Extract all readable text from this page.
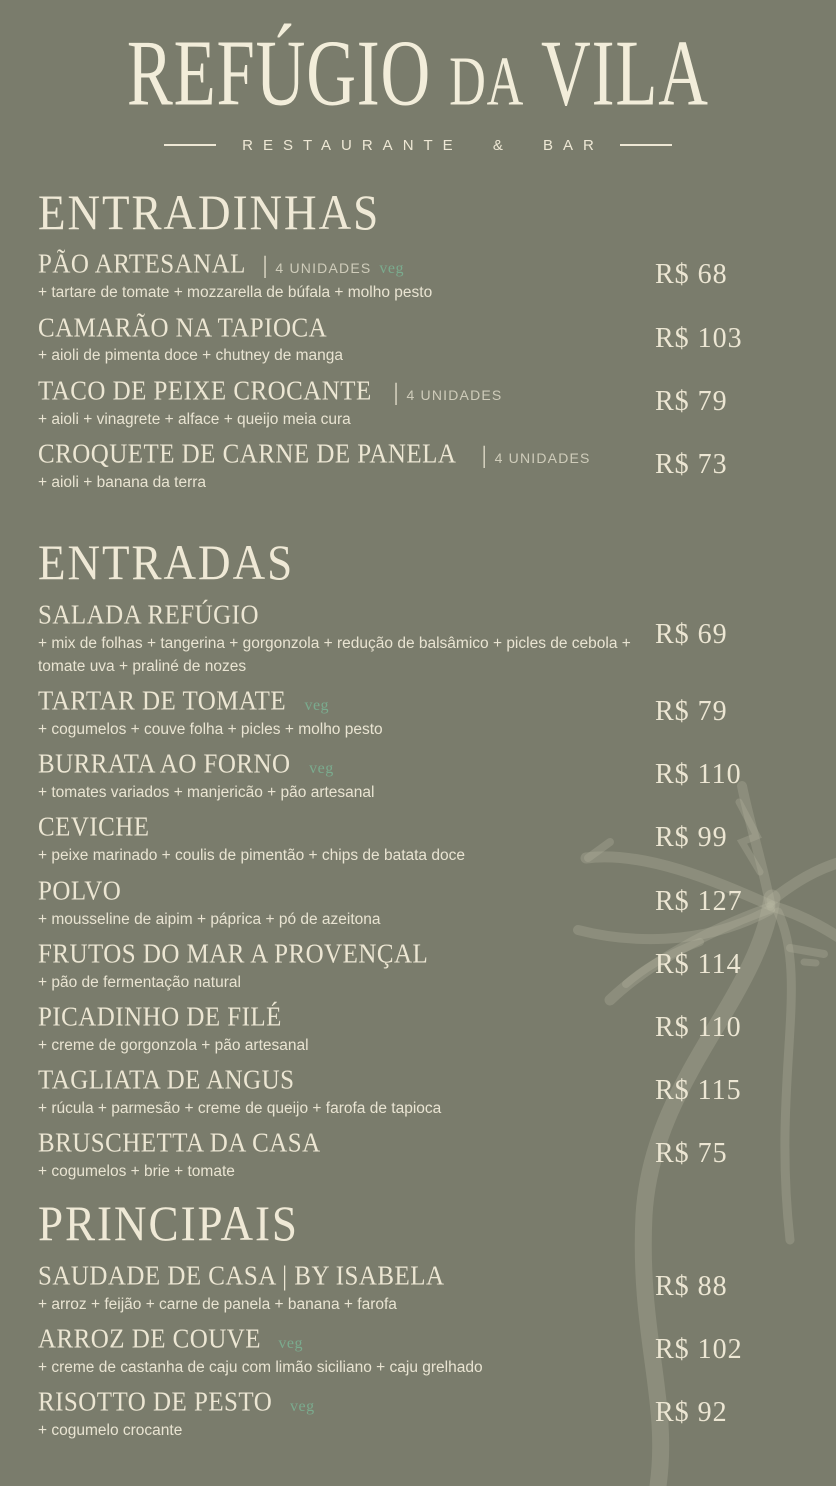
REFÚGIO DA VILA
RESTAURANTE & BAR
ENTRADINHAS
PÃO ARTESANAL | 4 UNIDADES veg
+ tartare de tomate + mozzarella de búfala + molho pesto
R$ 68
CAMARÃO NA TAPIOCA
+ aioli de pimenta doce + chutney de manga
R$ 103
TACO DE PEIXE CROCANTE | 4 UNIDADES
+ aioli + vinagrete + alface + queijo meia cura
R$ 79
CROQUETE DE CARNE DE PANELA | 4 UNIDADES
+ aioli + banana da terra
R$ 73
ENTRADAS
SALADA REFÚGIO
+ mix de folhas + tangerina + gorgonzola + redução de balsâmico + picles de cebola + tomate uva + praliné de nozes
R$ 69
TARTAR DE TOMATE veg
+ cogumelos + couve folha + picles + molho pesto
R$ 79
BURRATA AO FORNO veg
+ tomates variados + manjericão + pão artesanal
R$ 110
CEVICHE
+ peixe marinado + coulis de pimentão + chips de batata doce
R$ 99
POLVO
+ mousseline de aipim + páprica + pó de azeitona
R$ 127
FRUTOS DO MAR A PROVENÇAL
+ pão de fermentação natural
R$ 114
PICADINHO DE FILÉ
+ creme de gorgonzola + pão artesanal
R$ 110
TAGLIATA DE ANGUS
+ rúcula + parmesão + creme de queijo + farofa de tapioca
R$ 115
BRUSCHETTA DA CASA
+ cogumelos + brie + tomate
R$ 75
PRINCIPAIS
SAUDADE DE CASA | BY ISABELA
+ arroz + feijão + carne de panela + banana + farofa
R$ 88
ARROZ DE COUVE veg
+ creme de castanha de caju com limão siciliano + caju grelhado
R$ 102
RISOTTO DE PESTO veg
+ cogumelo crocante
R$ 92
